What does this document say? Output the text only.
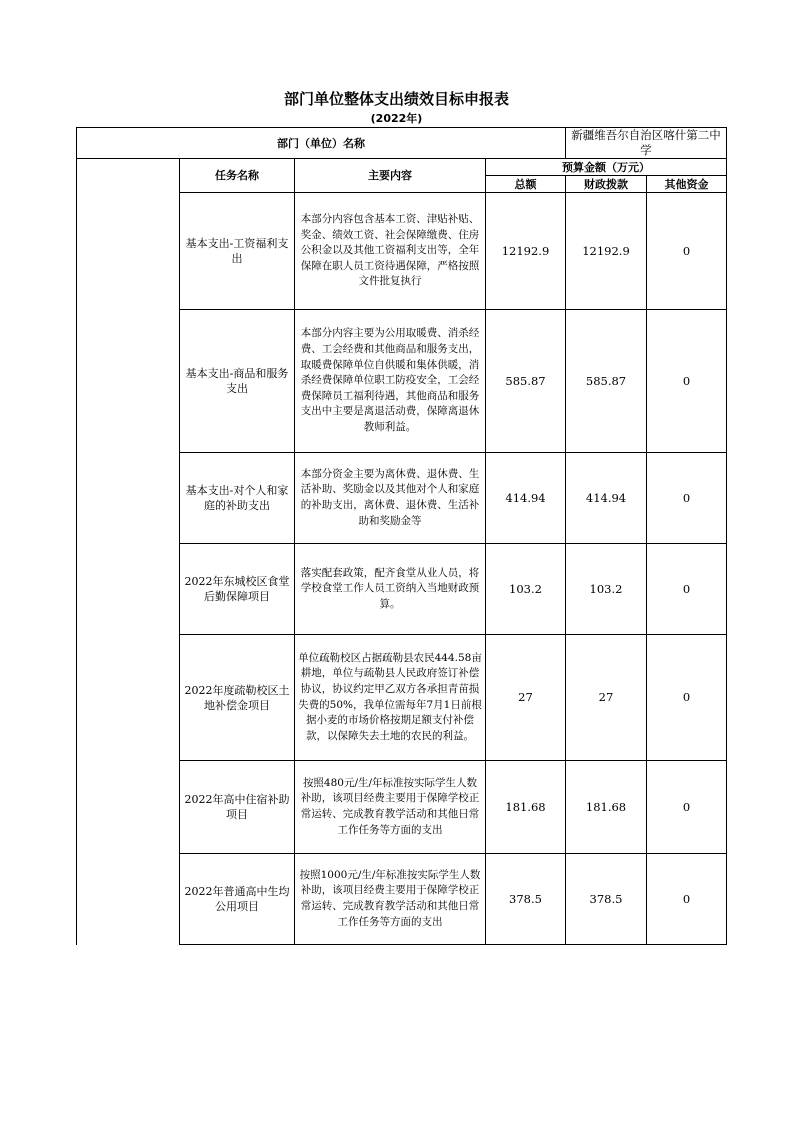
部门单位整体支出绩效目标申报表
(2022年)
部门（单位）名称				新疆维吾尔自治区喀什第二中学	
	任务名称	主要内容	预算金额（万元）		
			总额	财政拨款	其他资金
	基本支出-工资福利支出	本部分内容包含基本工资、津贴补贴、奖金、绩效工资、社会保障缴费、住房公积金以及其他工资福利支出等，全年保障在职人员工资待遇保障，严格按照文件批复执行	12192.9	12192.9	0
	基本支出-商品和服务支出	本部分内容主要为公用取暖费、消杀经费、工会经费和其他商品和服务支出，取暖费保障单位自供暖和集体供暖，消杀经费保障单位职工防疫安全，工会经费保障员工福利待遇，其他商品和服务支出中主要是离退活动费，保障离退休教师利益。	585.87	585.87	0
	基本支出-对个人和家庭的补助支出	本部分资金主要为离休费、退休费、生活补助、奖励金以及其他对个人和家庭的补助支出，离休费、退休费、生活补助和奖励金等	414.94	414.94	0
	2022年东城校区食堂后勤保障项目	落实配套政策，配齐食堂从业人员，将学校食堂工作人员工资纳入当地财政预算。	103.2	103.2	0
	2022年度疏勒校区土地补偿金项目	单位疏勒校区占据疏勒县农民444.58亩耕地，单位与疏勒县人民政府签订补偿协议，协议约定甲乙双方各承担青苗损失费的50%，我单位需每年7月1日前根据小麦的市场价格按期足额支付补偿款，以保障失去土地的农民的利益。	27	27	0
	2022年高中住宿补助项目	按照480元/生/年标准按实际学生人数补助，该项目经费主要用于保障学校正常运转、完成教育教学活动和其他日常工作任务等方面的支出	181.68	181.68	0
	2022年普通高中生均公用项目	按照1000元/生/年标准按实际学生人数补助，该项目经费主要用于保障学校正常运转、完成教育教学活动和其他日常工作任务等方面的支出	378.5	378.5	0
